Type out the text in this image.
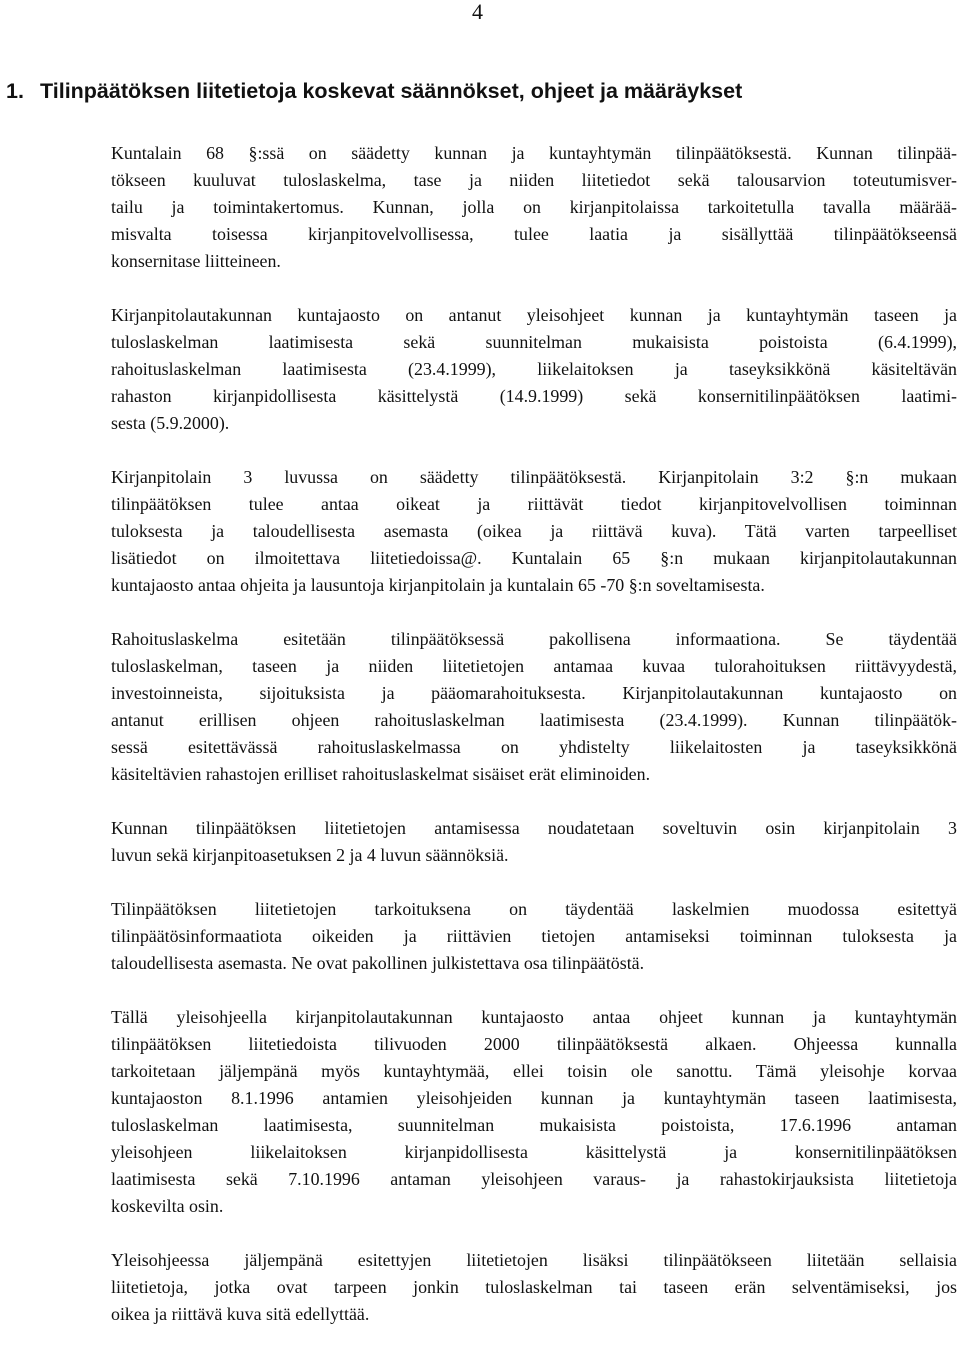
4
1. Tilinpäätöksen liitetietoja koskevat säännökset, ohjeet ja määräykset

Kuntalain 68 §:ssä on säädetty kunnan ja kuntayhtymän tilinpäätöksestä. Kunnan tilinpää-
tökseen kuuluvat tuloslaskelma, tase ja niiden liitetiedot sekä talousarvion toteutumisver-
tailu ja toimintakertomus. Kunnan, jolla on kirjanpitolaissa tarkoitetulla tavalla määrää-
misvalta toisessa kirjanpitovelvollisessa, tulee laatia ja sisällyttää tilinpäätökseensä
konsernitase liitteineen.

Kirjanpitolautakunnan kuntajaosto on antanut yleisohjeet kunnan ja kuntayhtymän taseen ja
tuloslaskelman laatimisesta sekä suunnitelman mukaisista poistoista (6.4.1999),
rahoituslaskelman laatimisesta (23.4.1999), liikelaitoksen ja taseyksikkönä käsiteltävän
rahaston kirjanpidollisesta käsittelystä (14.9.1999) sekä konsernitilinpäätöksen laatimi-
sesta (5.9.2000).

Kirjanpitolain 3 luvussa on säädetty tilinpäätöksestä. Kirjanpitolain 3:2 §:n mukaan
tilinpäätöksen tulee antaa oikeat ja riittävät tiedot kirjanpitovelvollisen toiminnan
tuloksesta ja taloudellisesta asemasta (oikea ja riittävä kuva). Tätä varten tarpeelliset
lisätiedot on ilmoitettava liitetiedoissa@. Kuntalain 65 §:n mukaan kirjanpitolautakunnan
kuntajaosto antaa ohjeita ja lausuntoja kirjanpitolain ja kuntalain 65 -70 §:n soveltamisesta.

Rahoituslaskelma esitetään tilinpäätöksessä pakollisena informaationa. Se täydentää
tuloslaskelman, taseen ja niiden liitetietojen antamaa kuvaa tulorahoituksen riittävyydestä,
investoinneista, sijoituksista ja pääomarahoituksesta. Kirjanpitolautakunnan kuntajaosto on
antanut erillisen ohjeen rahoituslaskelman laatimisesta (23.4.1999). Kunnan tilinpäätök-
sessä esitettävässä rahoituslaskelmassa on yhdistelty liikelaitosten ja taseyksikkönä
käsiteltävien rahastojen erilliset rahoituslaskelmat sisäiset erät eliminoiden.

Kunnan tilinpäätöksen liitetietojen antamisessa noudatetaan soveltuvin osin kirjanpitolain 3
luvun sekä kirjanpitoasetuksen 2 ja 4 luvun säännöksiä.

Tilinpäätöksen liitetietojen tarkoituksena on täydentää laskelmien muodossa esitettyä
tilinpäätösinformaatiota oikeiden ja riittävien tietojen antamiseksi toiminnan tuloksesta ja
taloudellisesta asemasta. Ne ovat pakollinen julkistettava osa tilinpäätöstä.

Tällä yleisohjeella kirjanpitolautakunnan kuntajaosto antaa ohjeet kunnan ja kuntayhtymän
tilinpäätöksen liitetiedoista tilivuoden 2000 tilinpäätöksestä alkaen. Ohjeessa kunnalla
tarkoitetaan jäljempänä myös kuntayhtymää, ellei toisin ole sanottu. Tämä yleisohje korvaa
kuntajaoston 8.1.1996 antamien yleisohjeiden kunnan ja kuntayhtymän taseen laatimisesta,
tuloslaskelman laatimisesta, suunnitelman mukaisista poistoista, 17.6.1996 antaman
yleisohjeen liikelaitoksen kirjanpidollisesta käsittelystä ja konsernitilinpäätöksen
laatimisesta sekä 7.10.1996 antaman yleisohjeen varaus- ja rahastokirjauksista liitetietoja
koskevilta osin.

Yleisohjeessa jäljempänä esitettyjen liitetietojen lisäksi tilinpäätökseen liitetään sellaisia
liitetietoja, jotka ovat tarpeen jonkin tuloslaskelman tai taseen erän selventämiseksi, jos
oikea ja riittävä kuva sitä edellyttää.
